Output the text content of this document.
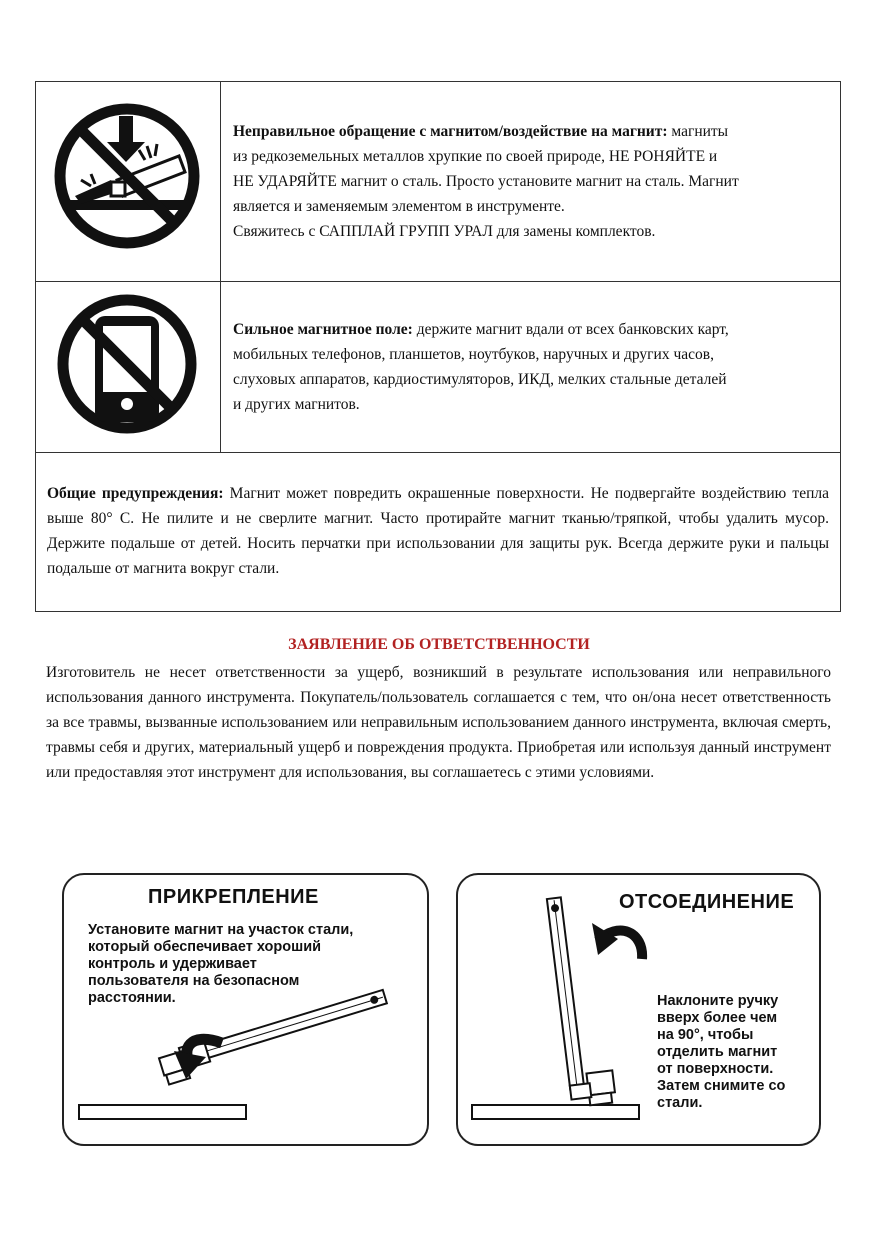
Неправильное обращение с магнитом/воздействие на магнит: магниты
из редкоземельных металлов хрупкие по своей природе, НЕ РОНЯЙТЕ и
НЕ УДАРЯЙТЕ магнит о сталь. Просто установите магнит на сталь. Магнит
является и заменяемым элементом в инструменте.
Свяжитесь с САППЛАЙ ГРУПП УРАЛ для замены комплектов.
Сильное магнитное поле: держите магнит вдали от всех банковских карт,
мобильных телефонов, планшетов, ноутбуков, наручных и других часов,
слуховых аппаратов, кардиостимуляторов, ИКД, мелких стальные деталей
и других магнитов.
Общие предупреждения: Магнит может повредить окрашенные поверхности. Не подвергайте воздействию тепла выше 80° С. Не пилите и не сверлите магнит. Часто протирайте магнит тканью/тряпкой, чтобы удалить мусор. Держите подальше от детей. Носить перчатки при использовании для защиты рук. Всегда держите руки и пальцы подальше от магнита вокруг стали.
ЗАЯВЛЕНИЕ ОБ ОТВЕТСТВЕННОСТИ
Изготовитель не несет ответственности за ущерб, возникший в результате использования или неправильного использования данного инструмента. Покупатель/пользователь соглашается с тем, что он/она несет ответственность за все травмы, вызванные использованием или неправильным использованием данного инструмента, включая смерть, травмы себя и других, материальный ущерб и повреждения продукта. Приобретая или используя данный инструмент или предоставляя этот инструмент для использования, вы соглашаетесь с этими условиями.
ПРИКРЕПЛЕНИЕ
Установите магнит на участок стали,
который обеспечивает хороший
контроль и удерживает
пользователя на безопасном
расстоянии.
ОТСОЕДИНЕНИЕ
Наклоните ручку
вверх более чем
на 90°, чтобы
отделить магнит
от поверхности.
Затем снимите со
стали.
